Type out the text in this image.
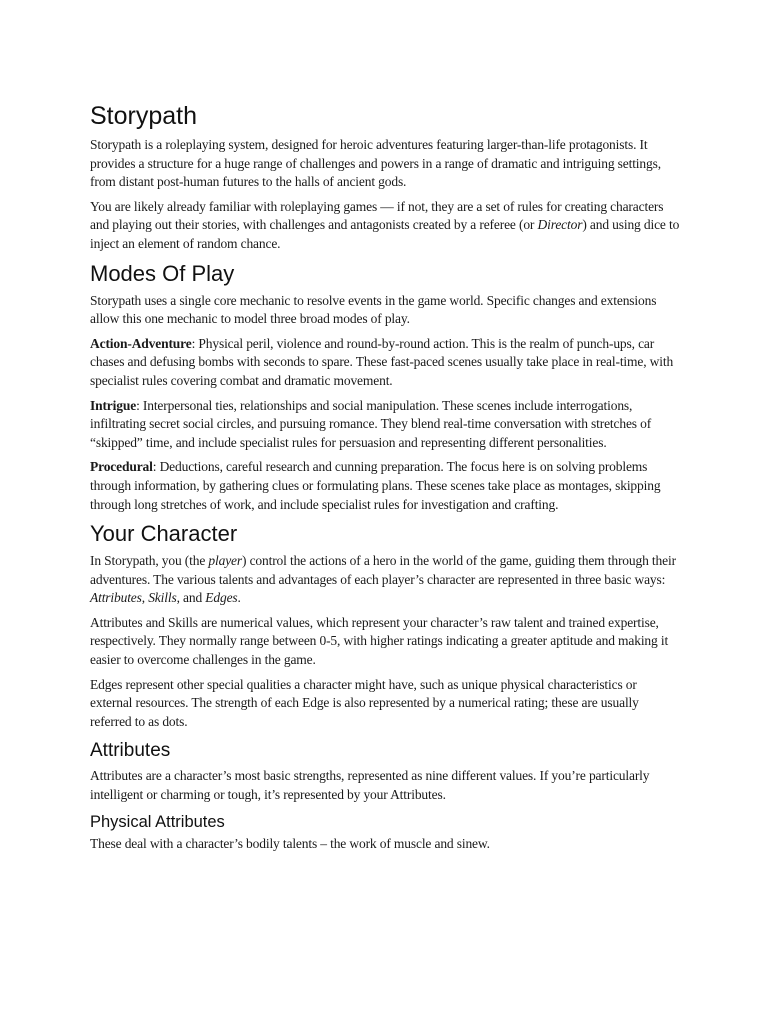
Storypath

Storypath is a roleplaying system, designed for heroic adventures featuring larger-than-life protagonists. It provides a structure for a huge range of challenges and powers in a range of dramatic and intriguing settings, from distant post-human futures to the halls of ancient gods.

You are likely already familiar with roleplaying games — if not, they are a set of rules for creating characters and playing out their stories, with challenges and antagonists created by a referee (or Director) and using dice to inject an element of random chance.

Modes Of Play

Storypath uses a single core mechanic to resolve events in the game world. Specific changes and extensions allow this one mechanic to model three broad modes of play.

Action-Adventure: Physical peril, violence and round-by-round action. This is the realm of punch-ups, car chases and defusing bombs with seconds to spare. These fast-paced scenes usually take place in real-time, with specialist rules covering combat and dramatic movement.

Intrigue: Interpersonal ties, relationships and social manipulation. These scenes include interrogations, infiltrating secret social circles, and pursuing romance. They blend real-time conversation with stretches of “skipped” time, and include specialist rules for persuasion and representing different personalities.

Procedural: Deductions, careful research and cunning preparation. The focus here is on solving problems through information, by gathering clues or formulating plans. These scenes take place as montages, skipping through long stretches of work, and include specialist rules for investigation and crafting.

Your Character

In Storypath, you (the player) control the actions of a hero in the world of the game, guiding them through their adventures. The various talents and advantages of each player’s character are represented in three basic ways: Attributes, Skills, and Edges.

Attributes and Skills are numerical values, which represent your character’s raw talent and trained expertise, respectively. They normally range between 0-5, with higher ratings indicating a greater aptitude and making it easier to overcome challenges in the game.

Edges represent other special qualities a character might have, such as unique physical characteristics or external resources. The strength of each Edge is also represented by a numerical rating; these are usually referred to as dots.

Attributes

Attributes are a character’s most basic strengths, represented as nine different values. If you’re particularly intelligent or charming or tough, it’s represented by your Attributes.

Physical Attributes

These deal with a character’s bodily talents – the work of muscle and sinew.
